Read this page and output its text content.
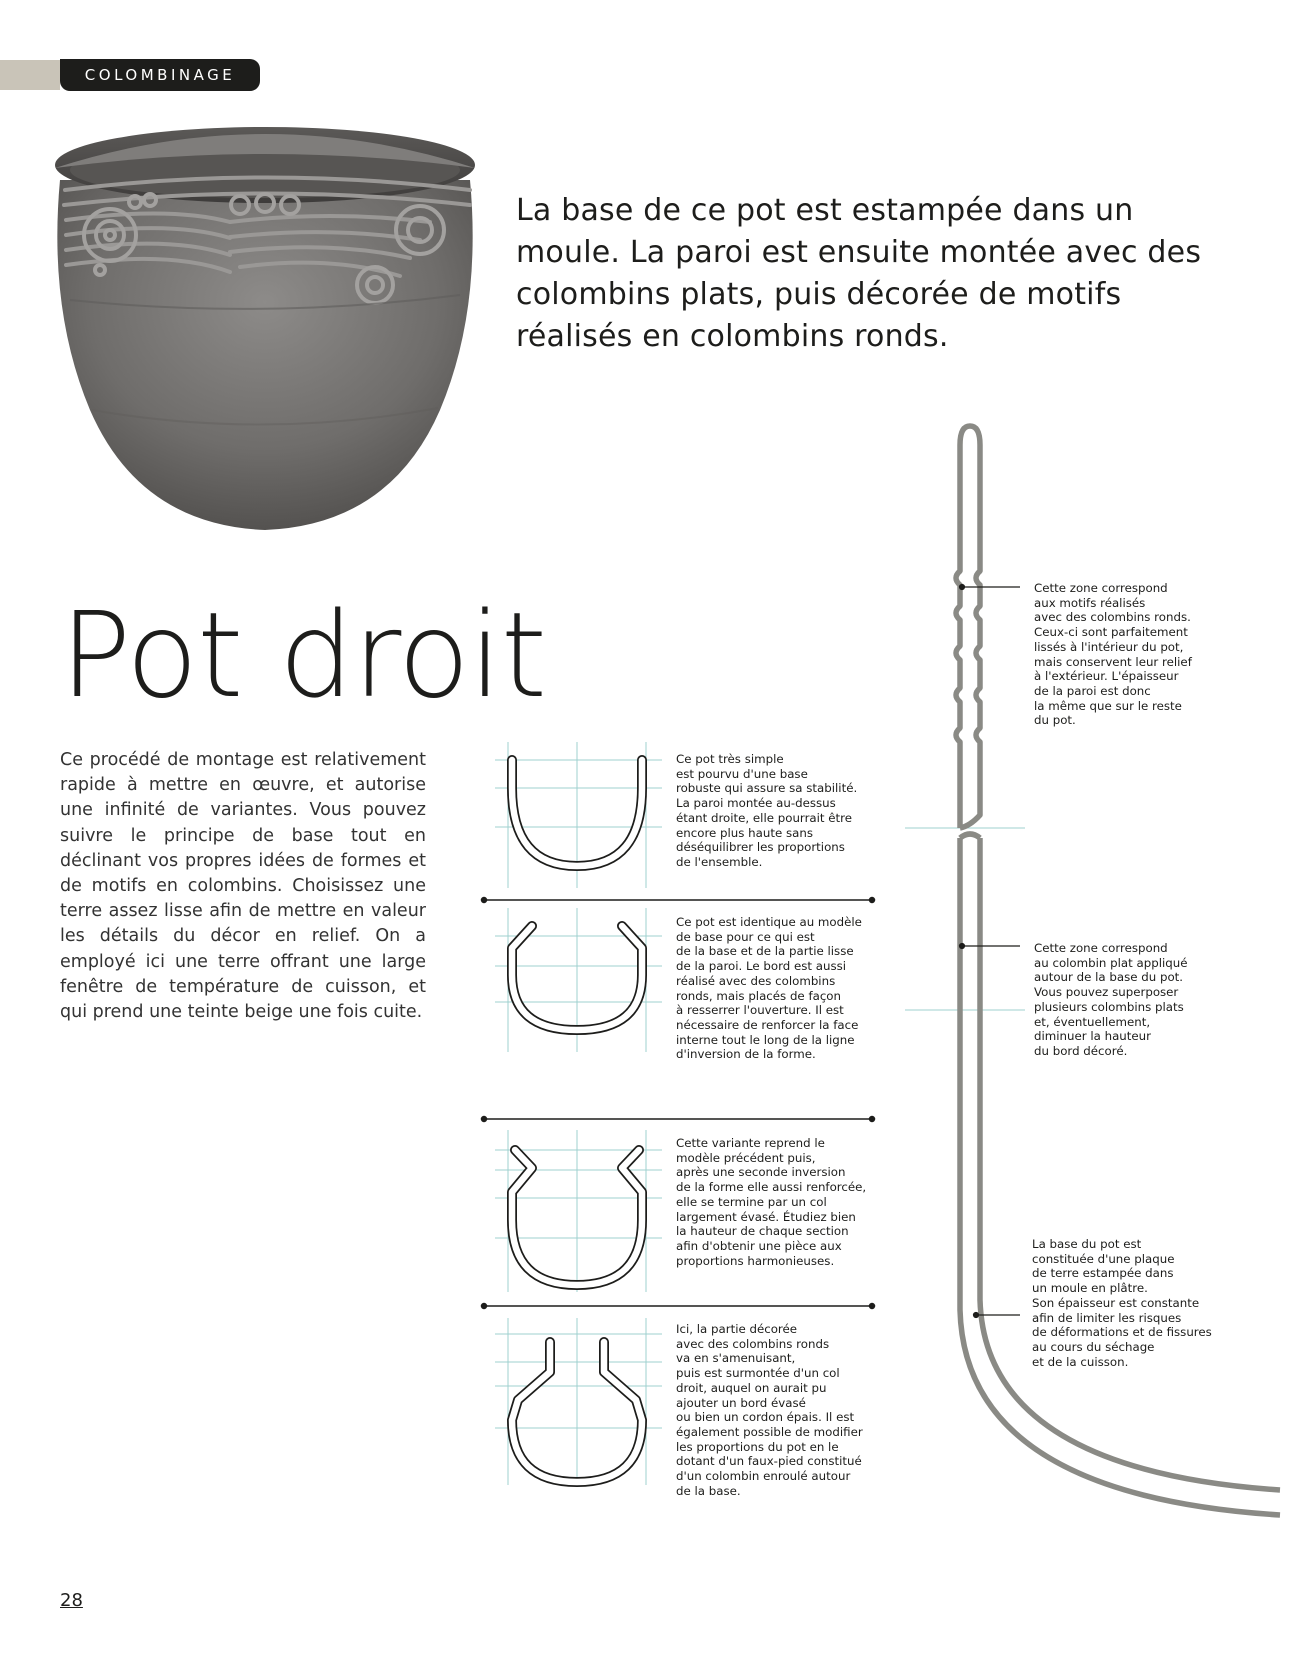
COLOMBINAGE

La base de ce pot est estampée dans un moule. La paroi est ensuite montée avec des colombins plats, puis décorée de motifs réalisés en colombins ronds.

Pot droit

Ce procédé de montage est relativement rapide à mettre en œuvre, et autorise une infinité de variantes. Vous pouvez suivre le principe de base tout en déclinant vos propres idées de formes et de motifs en colombins. Choisissez une terre assez lisse afin de mettre en valeur les détails du décor en relief. On a employé ici une terre offrant une large fenêtre de température de cuisson, et qui prend une teinte beige une fois cuite.

Ce pot très simple
est pourvu d'une base
robuste qui assure sa stabilité.
La paroi montée au-dessus
étant droite, elle pourrait être
encore plus haute sans
déséquilibrer les proportions
de l'ensemble.

Ce pot est identique au modèle
de base pour ce qui est
de la base et de la partie lisse
de la paroi. Le bord est aussi
réalisé avec des colombins
ronds, mais placés de façon
à resserrer l'ouverture. Il est
nécessaire de renforcer la face
interne tout le long de la ligne
d'inversion de la forme.

Cette variante reprend le
modèle précédent puis,
après une seconde inversion
de la forme elle aussi renforcée,
elle se termine par un col
largement évasé. Étudiez bien
la hauteur de chaque section
afin d'obtenir une pièce aux
proportions harmonieuses.

Ici, la partie décorée
avec des colombins ronds
va en s'amenuisant,
puis est surmontée d'un col
droit, auquel on aurait pu
ajouter un bord évasé
ou bien un cordon épais. Il est
également possible de modifier
les proportions du pot en le
dotant d'un faux-pied constitué
d'un colombin enroulé autour
de la base.

Cette zone correspond
aux motifs réalisés
avec des colombins ronds.
Ceux-ci sont parfaitement
lissés à l'intérieur du pot,
mais conservent leur relief
à l'extérieur. L'épaisseur
de la paroi est donc
la même que sur le reste
du pot.

Cette zone correspond
au colombin plat appliqué
autour de la base du pot.
Vous pouvez superposer
plusieurs colombins plats
et, éventuellement,
diminuer la hauteur
du bord décoré.

La base du pot est
constituée d'une plaque
de terre estampée dans
un moule en plâtre.
Son épaisseur est constante
afin de limiter les risques
de déformations et de fissures
au cours du séchage
et de la cuisson.

28
